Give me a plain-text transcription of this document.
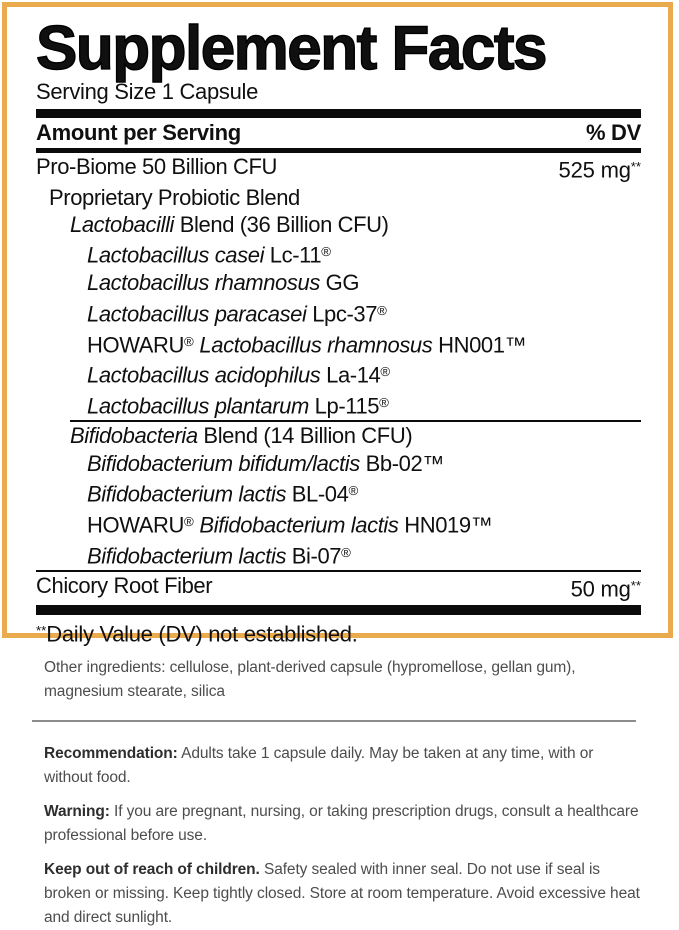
Supplement Facts
Serving Size 1 Capsule
Amount per Serving	% DV
Pro-Biome 50 Billion CFU	525 mg**
Proprietary Probiotic Blend
Lactobacilli Blend (36 Billion CFU)
Lactobacillus casei Lc-11®
Lactobacillus rhamnosus GG
Lactobacillus paracasei Lpc-37®
HOWARU® Lactobacillus rhamnosus HN001™
Lactobacillus acidophilus La-14®
Lactobacillus plantarum Lp-115®
Bifidobacteria Blend (14 Billion CFU)
Bifidobacterium bifidum/lactis Bb-02™
Bifidobacterium lactis BL-04®
HOWARU® Bifidobacterium lactis HN019™
Bifidobacterium lactis Bi-07®
Chicory Root Fiber	50 mg**
**Daily Value (DV) not established.

Other ingredients: cellulose, plant-derived capsule (hypromellose, gellan gum), magnesium stearate, silica

Recommendation: Adults take 1 capsule daily. May be taken at any time, with or without food.

Warning: If you are pregnant, nursing, or taking prescription drugs, consult a healthcare professional before use.

Keep out of reach of children. Safety sealed with inner seal. Do not use if seal is broken or missing. Keep tightly closed. Store at room temperature. Avoid excessive heat and direct sunlight.
